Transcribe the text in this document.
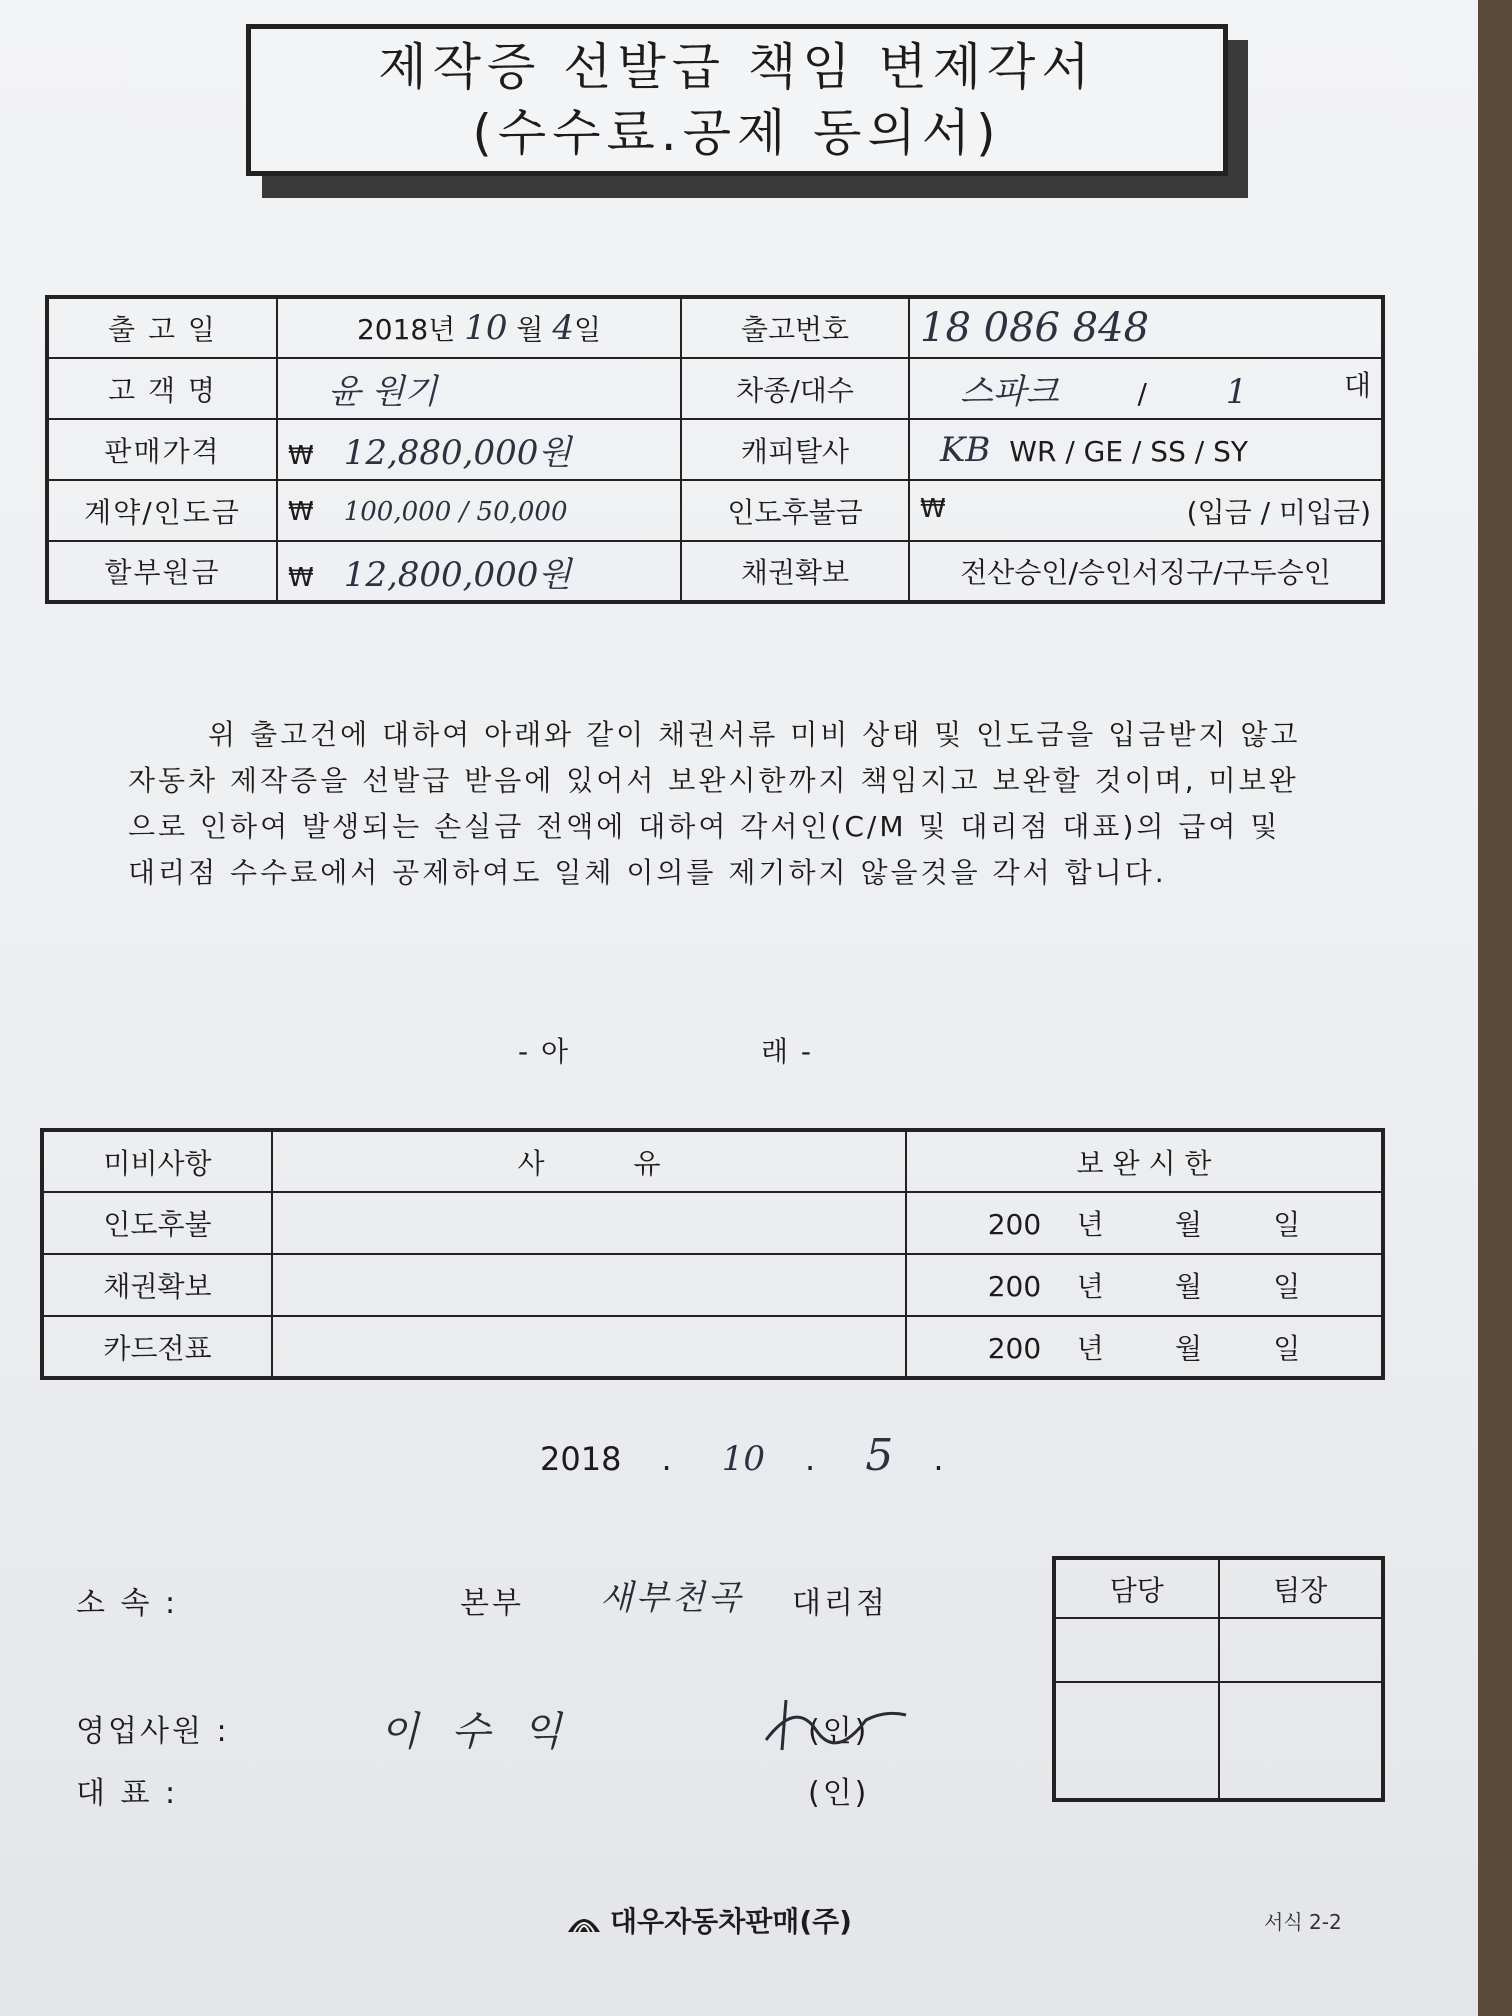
제작증 선발급 책임 변제각서
(수수료.공제 동의서)
출 고 일	2018년 10 월 4일	출고번호	18 086 848
고 객 명	윤 원기	차종/대수	스파크 / 1 대

판매가격	₩ 12,880,000원	캐피탈사	KB WR / GE / SS / SY
계약/인도금	₩ 100,000 / 50,000	인도후불금	₩ (입금 / 미입금)

할부원금	₩ 12,800,000원	채권확보	전산승인/승인서징구/구두승인

위 출고건에 대하여 아래와 같이 채권서류 미비 상태 및 인도금을 입금받지 않고

자동차 제작증을 선발급 받음에 있어서 보완시한까지 책임지고 보완할 것이며, 미보완

으로 인하여 발생되는 손실금 전액에 대하여 각서인(C/M 및 대리점 대표)의 급여 및

대리점 수수료에서 공제하여도 일체 이의를 제기하지 않을것을 각서 합니다.

- 아	래 -
미비사항	사          유	보 완 시 한
인도후불		200    년        월        일
채권확보		200    년        월        일
카드전표		200    년        월        일
2018 . 10 . 5 .
소 속 :	본부 새부천곡 대리점
영업사원 :	이 수 익	(인)
대 표 :	(인)
담당	팀장

대우자동차판매(주)	서식 2-2
